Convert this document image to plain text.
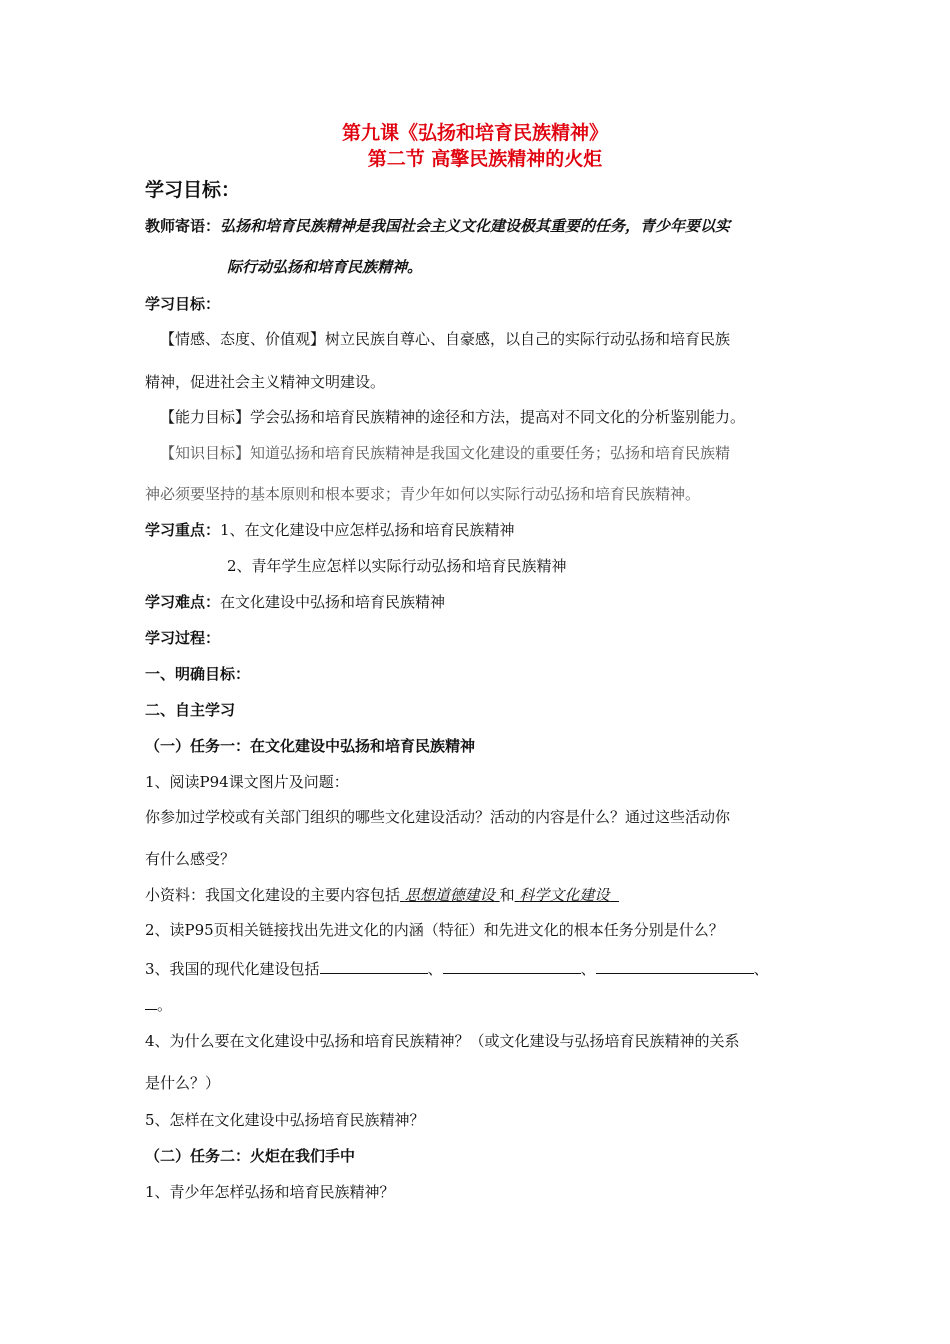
第九课《弘扬和培育民族精神》
第二节 高擎民族精神的火炬
学习目标：
教师寄语：弘扬和培育民族精神是我国社会主义文化建设极其重要的任务，青少年要以实
际行动弘扬和培育民族精神。
学习目标：
【情感、态度、价值观】树立民族自尊心、自豪感，以自己的实际行动弘扬和培育民族
精神，促进社会主义精神文明建设。
【能力目标】学会弘扬和培育民族精神的途径和方法，提高对不同文化的分析鉴别能力。
【知识目标】知道弘扬和培育民族精神是我国文化建设的重要任务；弘扬和培育民族精
神必须要坚持的基本原则和根本要求；青少年如何以实际行动弘扬和培育民族精神。
学习重点：1、在文化建设中应怎样弘扬和培育民族精神
2、青年学生应怎样以实际行动弘扬和培育民族精神
学习难点：在文化建设中弘扬和培育民族精神
学习过程：
一、明确目标：
二、自主学习
（一）任务一：在文化建设中弘扬和培育民族精神
1、阅读P94课文图片及问题：
你参加过学校或有关部门组织的哪些文化建设活动？活动的内容是什么？通过这些活动你
有什么感受？
小资料：我国文化建设的主要内容包括 思想道德建设 和 科学文化建设
2、读P95页相关链接找出先进文化的内涵（特征）和先进文化的根本任务分别是什么？
3、我国的现代化建设包括	、	、	、
。
4、为什么要在文化建设中弘扬和培育民族精神？（或文化建设与弘扬培育民族精神的关系
是什么？）
5、怎样在文化建设中弘扬培育民族精神？
（二）任务二：火炬在我们手中
1、青少年怎样弘扬和培育民族精神？
